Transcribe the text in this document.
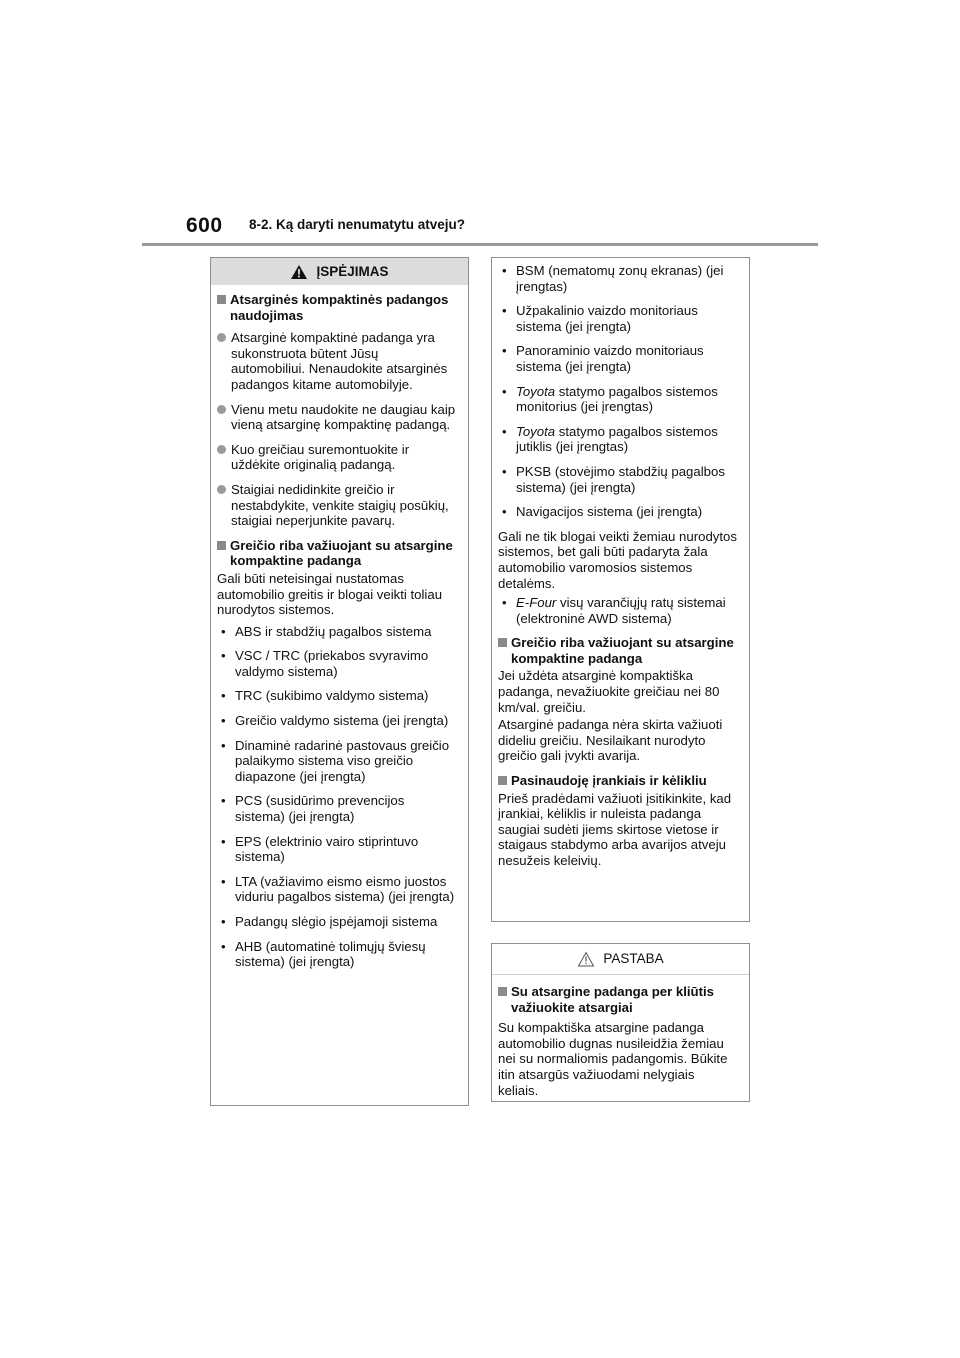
600 8-2. Ką daryti nenumatytu atveju?
ĮSPĖJIMAS
Atsarginės kompaktinės padangos naudojimas
Atsarginė kompaktinė padanga yra sukonstruota būtent Jūsų automobiliui. Nenaudokite atsarginės padangos kitame automobilyje.
Vienu metu naudokite ne daugiau kaip vieną atsarginę kompaktinę padangą.
Kuo greičiau suremontuokite ir uždėkite originalią padangą.
Staigiai nedidinkite greičio ir nestabdykite, venkite staigių posūkių, staigiai neperjunkite pavarų.
Greičio riba važiuojant su atsargine kompaktine padanga
Gali būti neteisingai nustatomas automobilio greitis ir blogai veikti toliau nurodytos sistemos.
• ABS ir stabdžių pagalbos sistema
• VSC / TRC (priekabos svyravimo valdymo sistema)
• TRC (sukibimo valdymo sistema)
• Greičio valdymo sistema (jei įrengta)
• Dinaminė radarinė pastovaus greičio palaikymo sistema viso greičio diapazone (jei įrengta)
• PCS (susidūrimo prevencijos sistema) (jei įrengta)
• EPS (elektrinio vairo stiprintuvo sistema)
• LTA (važiavimo eismo eismo juostos viduriu pagalbos sistema) (jei įrengta)
• Padangų slėgio įspėjamoji sistema
• AHB (automatinė tolimųjų šviesų sistema) (jei įrengta)
• BSM (nematomų zonų ekranas) (jei įrengtas)
• Užpakalinio vaizdo monitoriaus sistema (jei įrengta)
• Panoraminio vaizdo monitoriaus sistema (jei įrengta)
• Toyota statymo pagalbos sistemos monitorius (jei įrengtas)
• Toyota statymo pagalbos sistemos jutiklis (jei įrengtas)
• PKSB (stovėjimo stabdžių pagalbos sistema) (jei įrengta)
• Navigacijos sistema (jei įrengta)
Gali ne tik blogai veikti žemiau nurodytos sistemos, bet gali būti padaryta žala automobilio varomosios sistemos detalėms.
• E-Four visų varančiųjų ratų sistemai (elektroninė AWD sistema)
Greičio riba važiuojant su atsargine kompaktine padanga
Jei uždėta atsarginė kompaktiška padanga, nevažiuokite greičiau nei 80 km/val. greičiu.
Atsarginė padanga nėra skirta važiuoti dideliu greičiu. Nesilaikant nurodyto greičio gali įvykti avarija.
Pasinaudoję įrankiais ir kėlikliu
Prieš pradėdami važiuoti įsitikinkite, kad įrankiai, kėliklis ir nuleista padanga saugiai sudėti jiems skirtose vietose ir staigaus stabdymo arba avarijos atveju nesužeis keleivių.
PASTABA
Su atsargine padanga per kliūtis važiuokite atsargiai
Su kompaktiška atsargine padanga automobilio dugnas nusileidžia žemiau nei su normaliomis padangomis. Būkite itin atsargūs važiuodami nelygiais keliais.
